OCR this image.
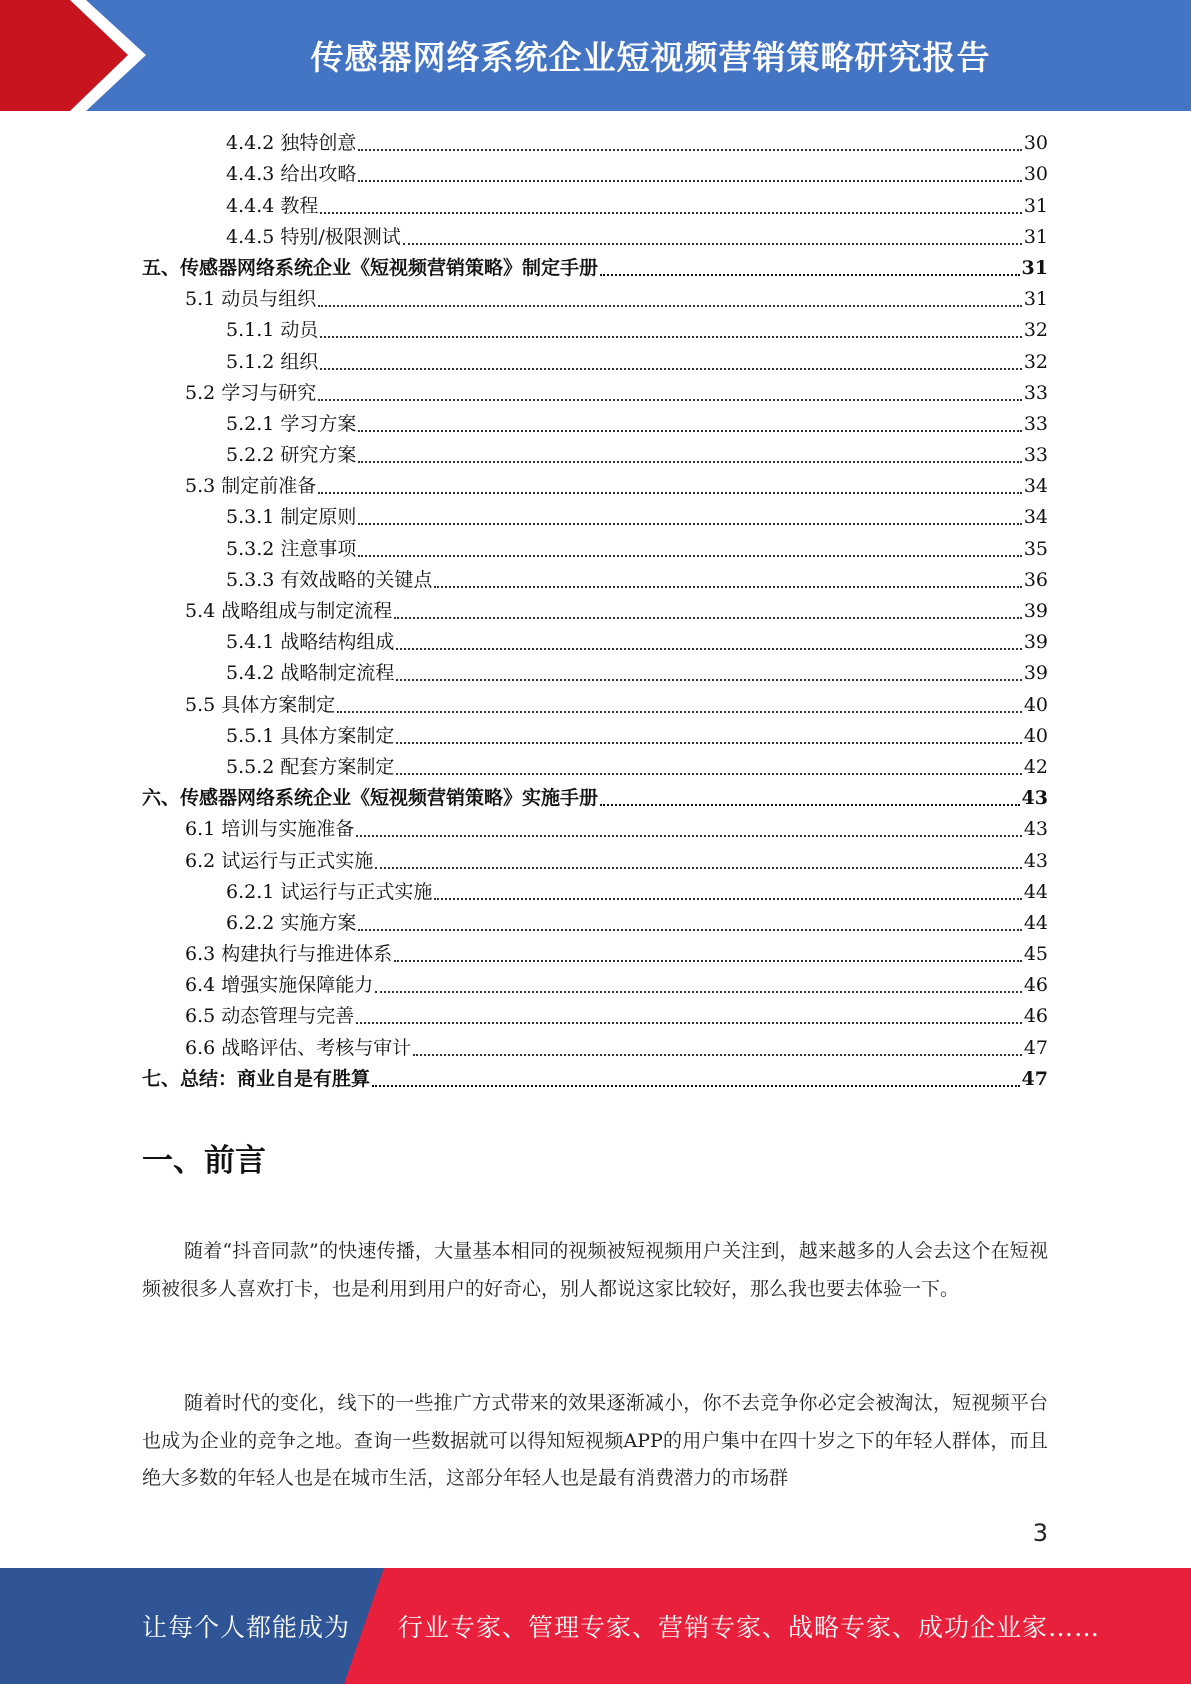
传感器网络系统企业短视频营销策略研究报告
4.4.2 独特创意	30
4.4.3 给出攻略	30
4.4.4 教程	31
4.4.5 特别/极限测试	31
五、传感器网络系统企业《短视频营销策略》制定手册	31
5.1 动员与组织	31
5.1.1 动员	32
5.1.2 组织	32
5.2 学习与研究	33
5.2.1 学习方案	33
5.2.2 研究方案	33
5.3 制定前准备	34
5.3.1 制定原则	34
5.3.2 注意事项	35
5.3.3 有效战略的关键点	36
5.4 战略组成与制定流程	39
5.4.1 战略结构组成	39
5.4.2 战略制定流程	39
5.5 具体方案制定	40
5.5.1 具体方案制定	40
5.5.2 配套方案制定	42
六、传感器网络系统企业《短视频营销策略》实施手册	43
6.1 培训与实施准备	43
6.2 试运行与正式实施	43
6.2.1 试运行与正式实施	44
6.2.2 实施方案	44
6.3 构建执行与推进体系	45
6.4 增强实施保障能力	46
6.5 动态管理与完善	46
6.6 战略评估、考核与审计	47
七、总结：商业自是有胜算	47
一、前言
随着“抖音同款”的快速传播，大量基本相同的视频被短视频用户关注到，越来越多的人会去这个在短视频被很多人喜欢打卡，也是利用到用户的好奇心，别人都说这家比较好，那么我也要去体验一下。
随着时代的变化，线下的一些推广方式带来的效果逐渐减小，你不去竞争你必定会被淘汰，短视频平台也成为企业的竞争之地。查询一些数据就可以得知短视频APP的用户集中在四十岁之下的年轻人群体，而且绝大多数的年轻人也是在城市生活，这部分年轻人也是最有消费潜力的市场群
3
让每个人都能成为 行业专家、管理专家、营销专家、战略专家、成功企业家……
